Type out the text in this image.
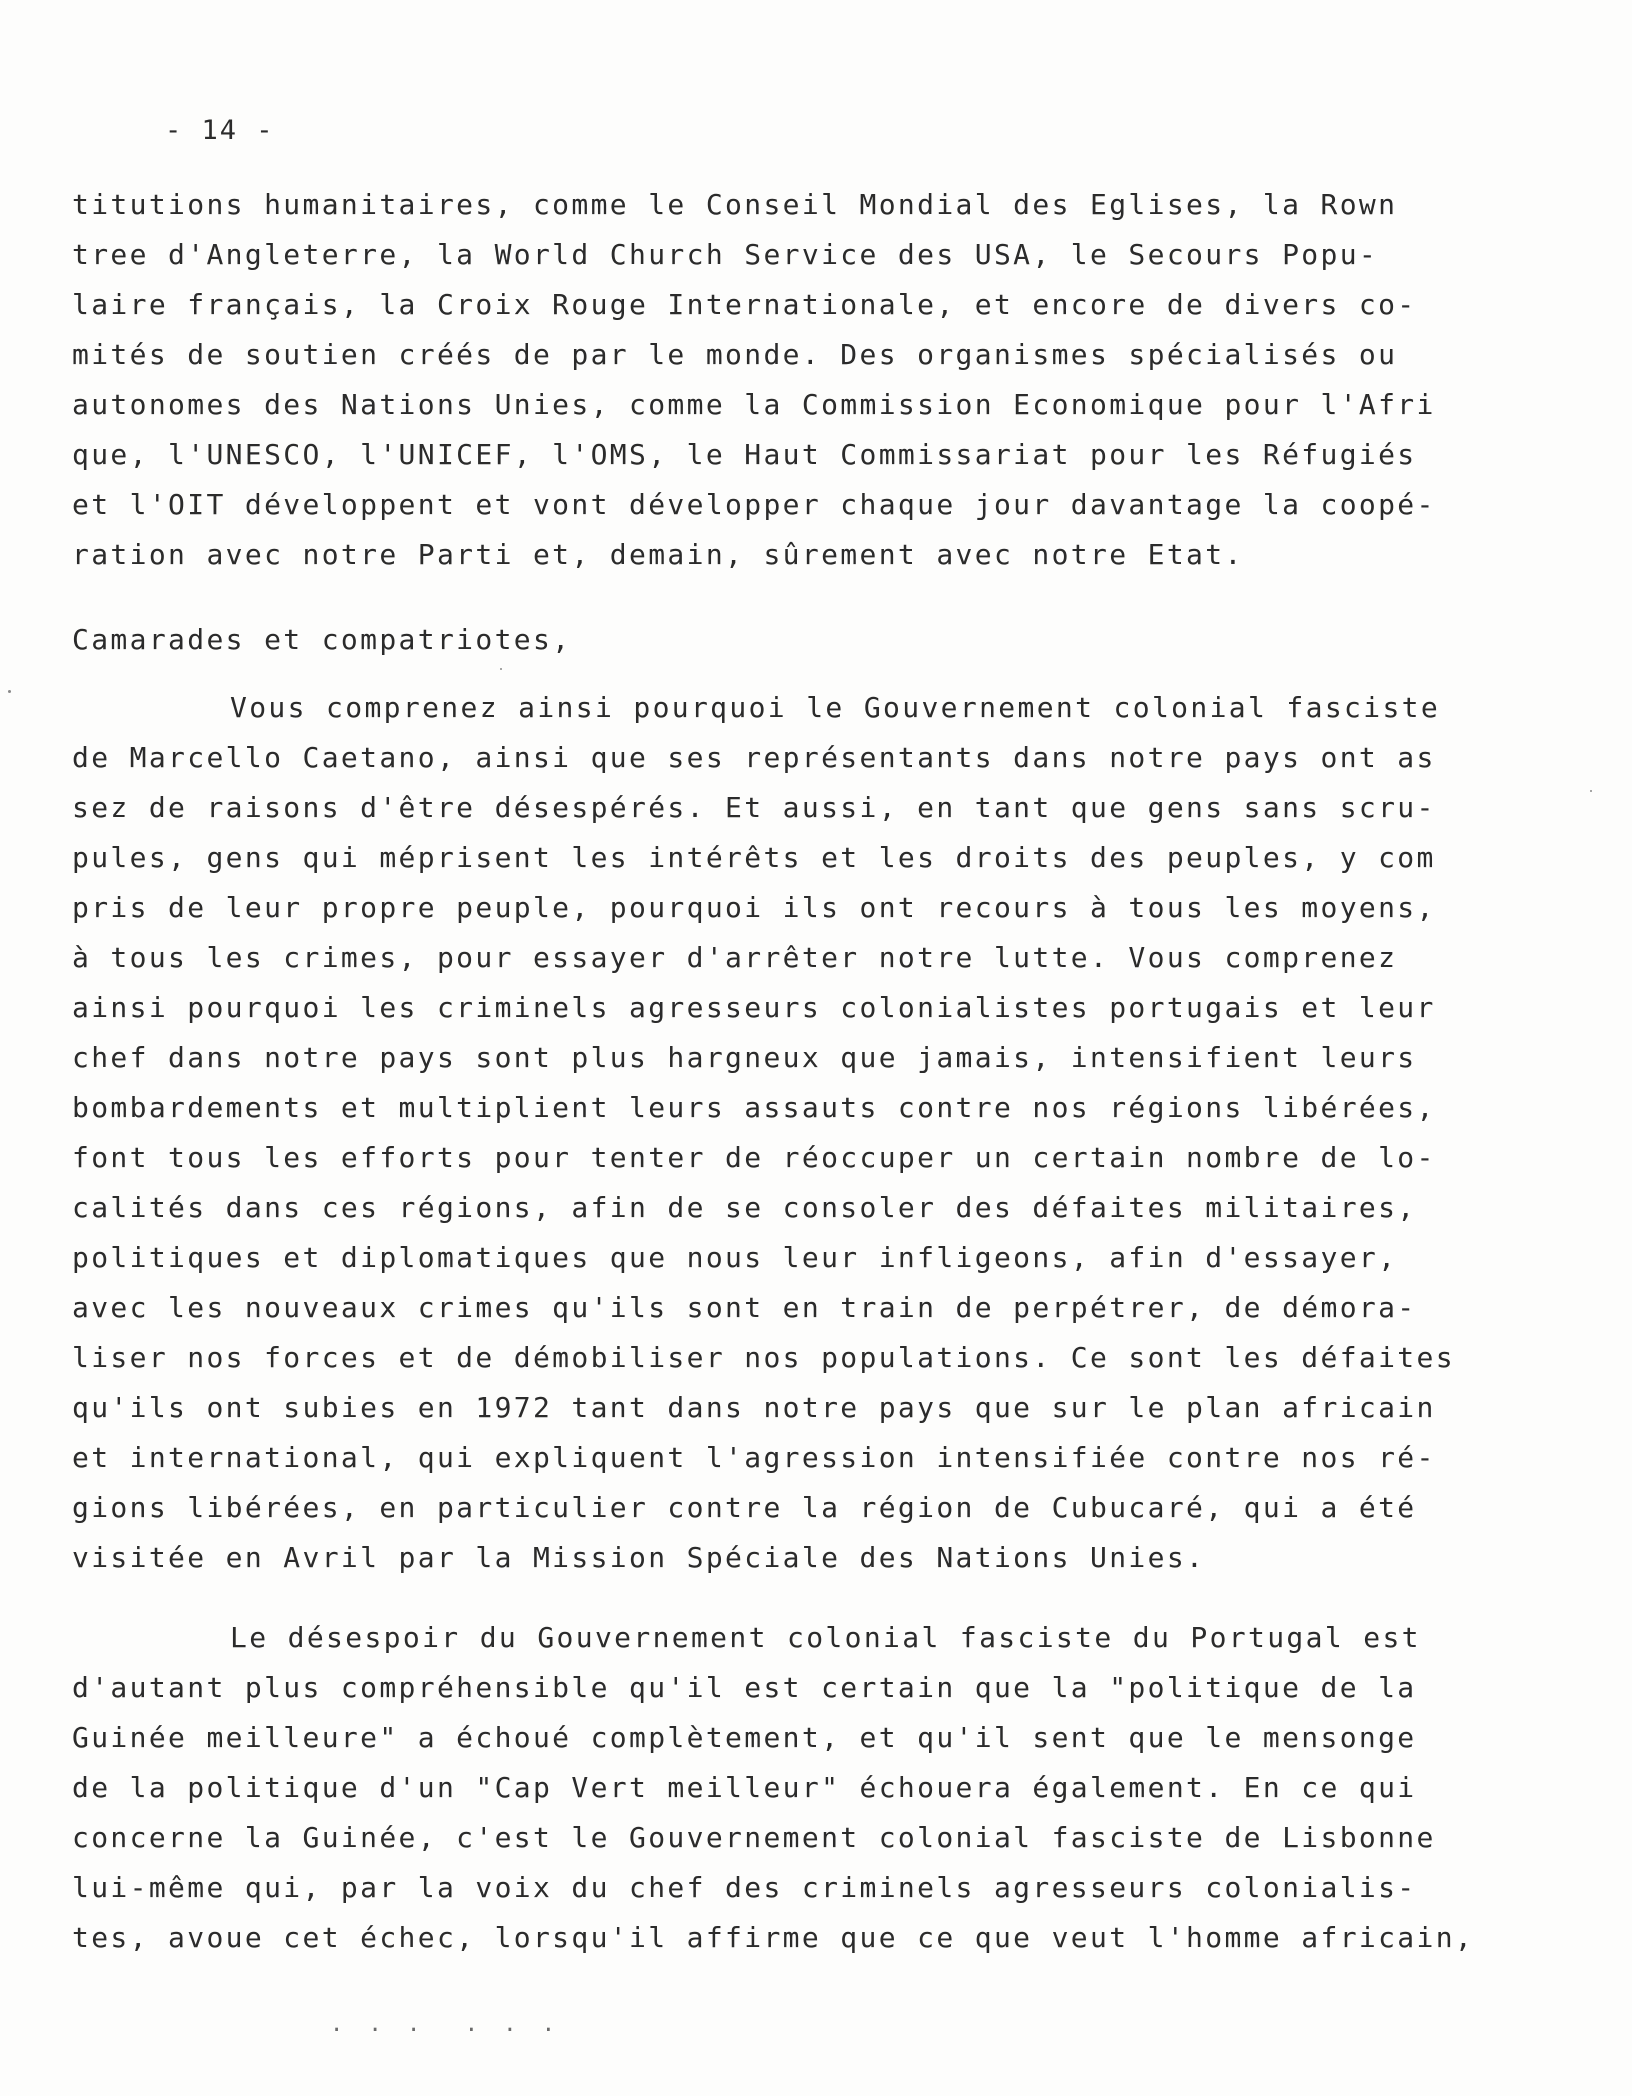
- 14 -
titutions humanitaires, comme le Conseil Mondial des Eglises, la Rown
tree d'Angleterre, la World Church Service des USA, le Secours Popu-
laire français, la Croix Rouge Internationale, et encore de divers co-
mités de soutien créés de par le monde. Des organismes spécialisés ou
autonomes des Nations Unies, comme la Commission Economique pour l'Afri
que, l'UNESCO, l'UNICEF, l'OMS, le Haut Commissariat pour les Réfugiés
et l'OIT développent et vont développer chaque jour davantage la coopé-
ration avec notre Parti et, demain, sûrement avec notre Etat.
Camarades et compatriotes,
Vous comprenez ainsi pourquoi le Gouvernement colonial fasciste
de Marcello Caetano, ainsi que ses représentants dans notre pays ont as
sez de raisons d'être désespérés. Et aussi, en tant que gens sans scru-
pules, gens qui méprisent les intérêts et les droits des peuples, y com
pris de leur propre peuple, pourquoi ils ont recours à tous les moyens,
à tous les crimes, pour essayer d'arrêter notre lutte. Vous comprenez
ainsi pourquoi les criminels agresseurs colonialistes portugais et leur
chef dans notre pays sont plus hargneux que jamais, intensifient leurs
bombardements et multiplient leurs assauts contre nos régions libérées,
font tous les efforts pour tenter de réoccuper un certain nombre de lo-
calités dans ces régions, afin de se consoler des défaites militaires,
politiques et diplomatiques que nous leur infligeons, afin d'essayer,
avec les nouveaux crimes qu'ils sont en train de perpétrer, de démora-
liser nos forces et de démobiliser nos populations. Ce sont les défaites
qu'ils ont subies en 1972 tant dans notre pays que sur le plan africain
et international, qui expliquent l'agression intensifiée contre nos ré-
gions libérées, en particulier contre la région de Cubucaré, qui a été
visitée en Avril par la Mission Spéciale des Nations Unies.
Le désespoir du Gouvernement colonial fasciste du Portugal est
d'autant plus compréhensible qu'il est certain que la "politique de la
Guinée meilleure" a échoué complètement, et qu'il sent que le mensonge
de la politique d'un "Cap Vert meilleur" échouera également. En ce qui
concerne la Guinée, c'est le Gouvernement colonial fasciste de Lisbonne
lui-même qui, par la voix du chef des criminels agresseurs colonialis-
tes, avoue cet échec, lorsqu'il affirme que ce que veut l'homme africain,
. . .  . . .
